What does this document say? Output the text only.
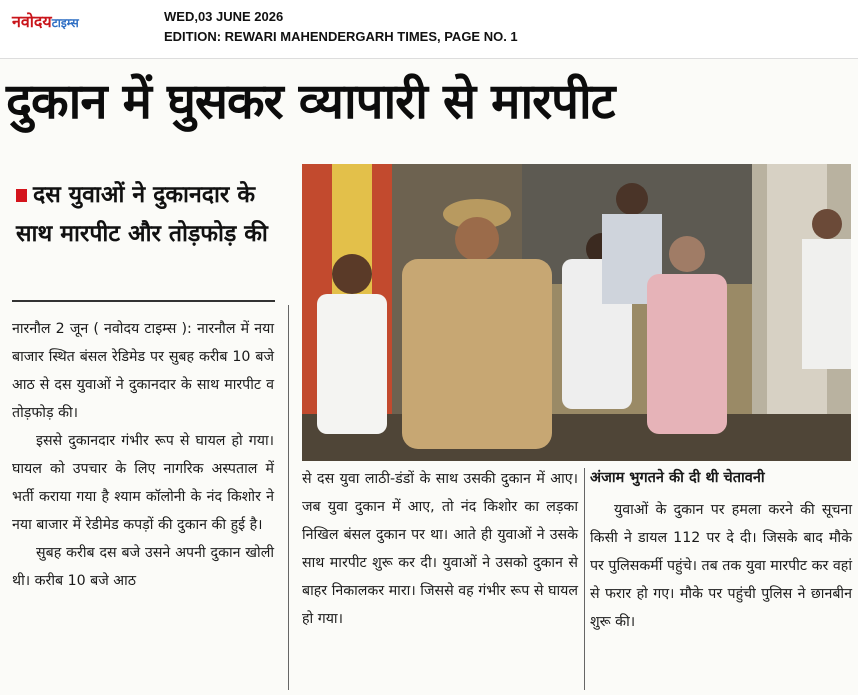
नवोदयटाइम्स	WED,03 JUNE 2026
EDITION: REWARI MAHENDERGARH TIMES, PAGE NO. 1
दुकान में घुसकर व्यापारी से मारपीट
दस युवाओं ने दुकानदार के साथ मारपीट और तोड़फोड़ की

नारनौल 2 जून ( नवोदय टाइम्स ): नारनौल में नया बाजार स्थित बंसल रेडिमेड पर सुबह करीब 10 बजे आठ से दस युवाओं ने दुकानदार के साथ मारपीट व तोड़फोड़ की।

इससे दुकानदार गंभीर रूप से घायल हो गया। घायल को उपचार के लिए नागरिक अस्पताल में भर्ती कराया गया है श्याम कॉलोनी के नंद किशोर ने नया बाजार में रेडीमेड कपड़ों की दुकान की हुई है।

सुबह करीब दस बजे उसने अपनी दुकान खोली थी। करीब 10 बजे आठ

से दस युवा लाठी-डंडों के साथ उसकी दुकान में आए। जब युवा दुकान में आए, तो नंद किशोर का लड़का निखिल बंसल दुकान पर था। आते ही युवाओं ने उसके साथ मारपीट शुरू कर दी। युवाओं ने उसको दुकान से बाहर निकालकर मारा। जिससे वह गंभीर रूप से घायल हो गया।

अंजाम भुगतने की दी थी चेतावनी

युवाओं के दुकान पर हमला करने की सूचना किसी ने डायल 112 पर दे दी। जिसके बाद मौके पर पुलिसकर्मी पहुंचे। तब तक युवा मारपीट कर वहां से फरार हो गए। मौके पर पहुंची पुलिस ने छानबीन शुरू की।
